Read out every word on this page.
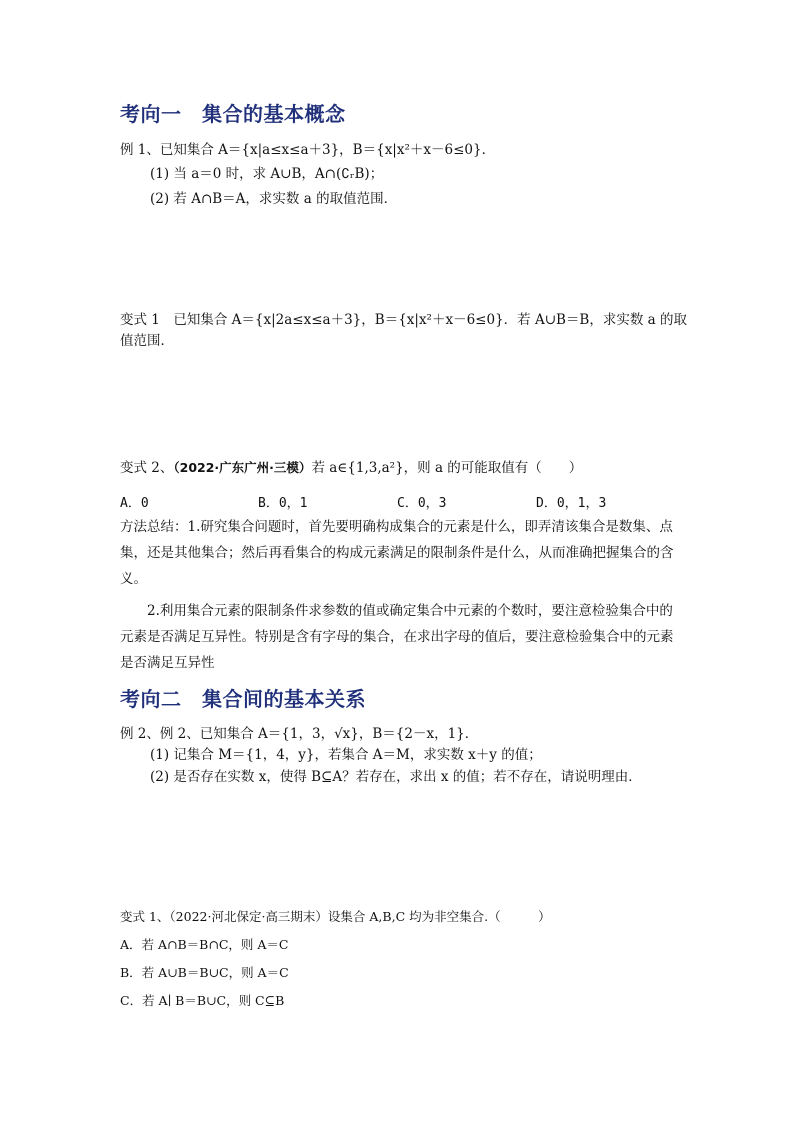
考向一　集合的基本概念
例 1、已知集合 A＝{x|a≤x≤a＋3}，B＝{x|x²＋x－6≤0}．
(1) 当 a＝0 时，求 A∪B，A∩(∁ᵣB)；
(2) 若 A∩B＝A，求实数 a 的取值范围．
变式 1　已知集合 A＝{x|2a≤x≤a＋3}，B＝{x|x²＋x－6≤0}．若 A∪B＝B，求实数 a 的取
值范围．
变式 2、（2022·广东广州·三模）若 a∈{1,3,a²}，则 a 的可能取值有（　　）
A．0	B．0，1	C．0，3	D．0，1，3
方法总结：1.研究集合问题时，首先要明确构成集合的元素是什么，即弄清该集合是数集、点集，还是其他集合；然后再看集合的构成元素满足的限制条件是什么，从而准确把握集合的含义。
　　2.利用集合元素的限制条件求参数的值或确定集合中元素的个数时，要注意检验集合中的元素是否满足互异性。特别是含有字母的集合，在求出字母的值后，要注意检验集合中的元素是否满足互异性
考向二　集合间的基本关系
例 2、例 2、已知集合 A＝{1，3，√x}，B＝{2－x，1}．
(1) 记集合 M＝{1，4，y}，若集合 A＝M，求实数 x＋y 的值；
(2) 是否存在实数 x，使得 B⊆A？若存在，求出 x 的值；若不存在，请说明理由．
变式 1、（2022·河北保定·高三期末）设集合 A,B,C 均为非空集合.（　　　）
A．若 A∩B＝B∩C，则 A＝C
B．若 A∪B＝B∪C，则 A＝C
C．若 A∣ B＝B∪C，则 C⊆B
